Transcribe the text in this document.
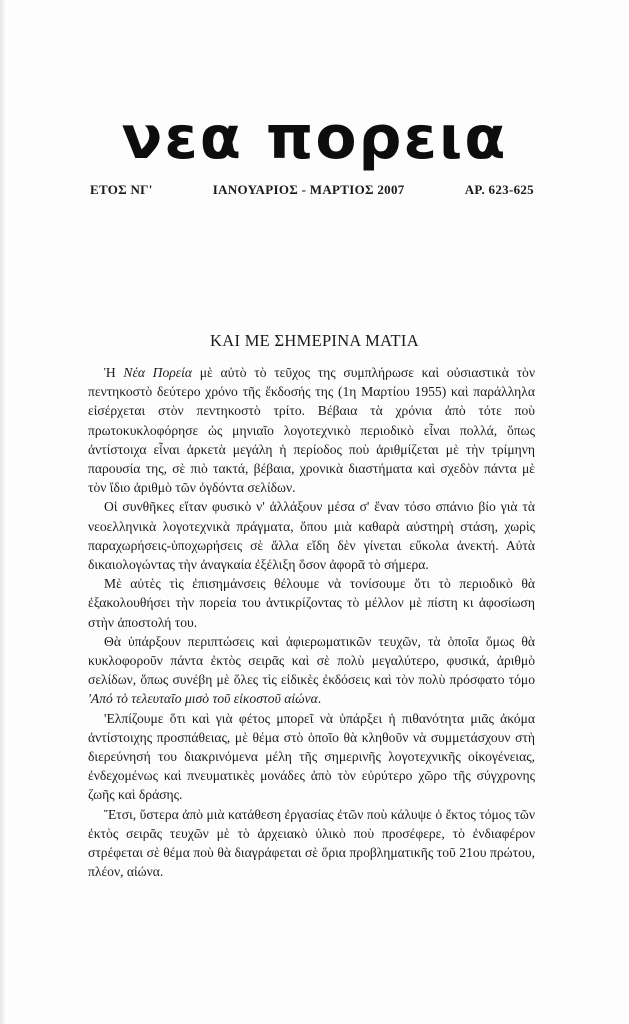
νεα πορεια
ΕΤΟΣ ΝΓ'	ΙΑΝΟΥΑΡΙΟΣ - ΜΑΡΤΙΟΣ 2007	ΑΡ. 623-625
ΚΑΙ ΜΕ ΣΗΜΕΡΙΝΑ ΜΑΤΙΑ

Ἡ Νέα Πορεία μὲ αὐτὸ τὸ τεῦχος της συμπλήρωσε καὶ οὐσιαστικὰ τὸν πεντηκοστὸ δεύτερο χρόνο τῆς ἔκδοσής της (1η Μαρτίου 1955) καὶ παράλληλα εἰσέρχεται στὸν πεντηκοστὸ τρίτο. Βέβαια τὰ χρόνια ἀπὸ τότε ποὺ πρωτοκυκλοφόρησε ὡς μηνιαῖο λογοτεχνικὸ περιοδικὸ εἶναι πολλά, ὅπως ἀντίστοιχα εἶναι ἀρκετὰ μεγάλη ἡ περίοδος ποὺ ἀριθμίζεται μὲ τὴν τρίμηνη παρουσία της, σὲ πιὸ τακτά, βέβαια, χρονικὰ διαστήματα καὶ σχεδὸν πάντα μὲ τὸν ἴδιο ἀριθμὸ τῶν ὀγδόντα σελίδων.

Οἱ συνθῆκες εἴταν φυσικὸ ν' ἀλλάξουν μέσα σ' ἕναν τόσο σπάνιο βίο γιὰ τὰ νεοελληνικὰ λογοτεχνικὰ πράγματα, ὅπου μιὰ καθαρὰ αὐστηρὴ στάση, χωρὶς παραχωρήσεις-ὑποχωρήσεις σὲ ἄλλα εἴδη δὲν γίνεται εὔκολα ἀνεκτή. Αὐτὰ δικαιολογώντας τὴν ἀναγκαία ἐξέλιξη ὅσον ἀφορᾶ τὸ σήμερα.

Μὲ αὐτὲς τὶς ἐπισημάνσεις θέλουμε νὰ τονίσουμε ὅτι τὸ περιοδικὸ θὰ ἐξακολουθήσει τὴν πορεία του ἀντικρίζοντας τὸ μέλλον μὲ πίστη κι ἀφοσίωση στὴν ἀποστολή του.

Θὰ ὑπάρξουν περιπτώσεις καὶ ἀφιερωματικῶν τευχῶν, τὰ ὁποῖα ὅμως θὰ κυκλοφοροῦν πάντα ἐκτὸς σειρᾶς καὶ σὲ πολὺ μεγαλύτερο, φυσικά, ἀριθμὸ σελίδων, ὅπως συνέβη μὲ ὅλες τὶς εἰδικὲς ἐκδόσεις καὶ τὸν πολὺ πρόσφατο τόμο 'Από τὸ τελευταῖο μισὸ τοῦ εἰκοστοῦ αἰώνα.

'Ελπίζουμε ὅτι καὶ γιὰ φέτος μπορεῖ νὰ ὑπάρξει ἡ πιθανότητα μιᾶς ἀκόμα ἀντίστοιχης προσπάθειας, μὲ θέμα στὸ ὁποῖο θὰ κληθοῦν νὰ συμμετάσχουν στὴ διερεύνησή του διακρινόμενα μέλη τῆς σημερινῆς λογοτεχνικῆς οἰκογένειας, ἐνδεχομένως καὶ πνευματικὲς μονάδες ἀπὸ τὸν εὐρύτερο χῶρο τῆς σύγχρονης ζωῆς καὶ δράσης.

Ἔτσι, ὕστερα ἀπὸ μιὰ κατάθεση ἐργασίας ἐτῶν ποὺ κάλυψε ὁ ἔκτος τόμος τῶν ἐκτὸς σειρᾶς τευχῶν μὲ τὸ ἀρχειακὸ ὑλικὸ ποὺ προσέφερε, τὸ ἐνδιαφέρον στρέφεται σὲ θέμα ποὺ θὰ διαγράφεται σὲ ὅρια προβληματικῆς τοῦ 21ου πρώτου, πλέον, αἰώνα.
